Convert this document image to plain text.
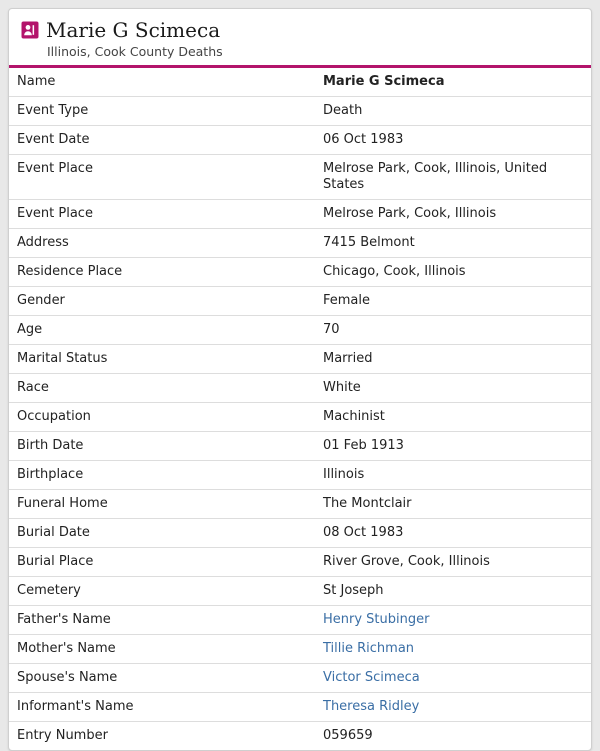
Marie G Scimeca
Illinois, Cook County Deaths
Name	Marie G Scimeca
Event Type	Death
Event Date	06 Oct 1983
Event Place	Melrose Park, Cook, Illinois, United States
Event Place	Melrose Park, Cook, Illinois
Address	7415 Belmont
Residence Place	Chicago, Cook, Illinois
Gender	Female
Age	70
Marital Status	Married
Race	White
Occupation	Machinist
Birth Date	01 Feb 1913
Birthplace	Illinois
Funeral Home	The Montclair
Burial Date	08 Oct 1983
Burial Place	River Grove, Cook, Illinois
Cemetery	St Joseph
Father's Name	Henry Stubinger
Mother's Name	Tillie Richman
Spouse's Name	Victor Scimeca
Informant's Name	Theresa Ridley
Entry Number	059659
